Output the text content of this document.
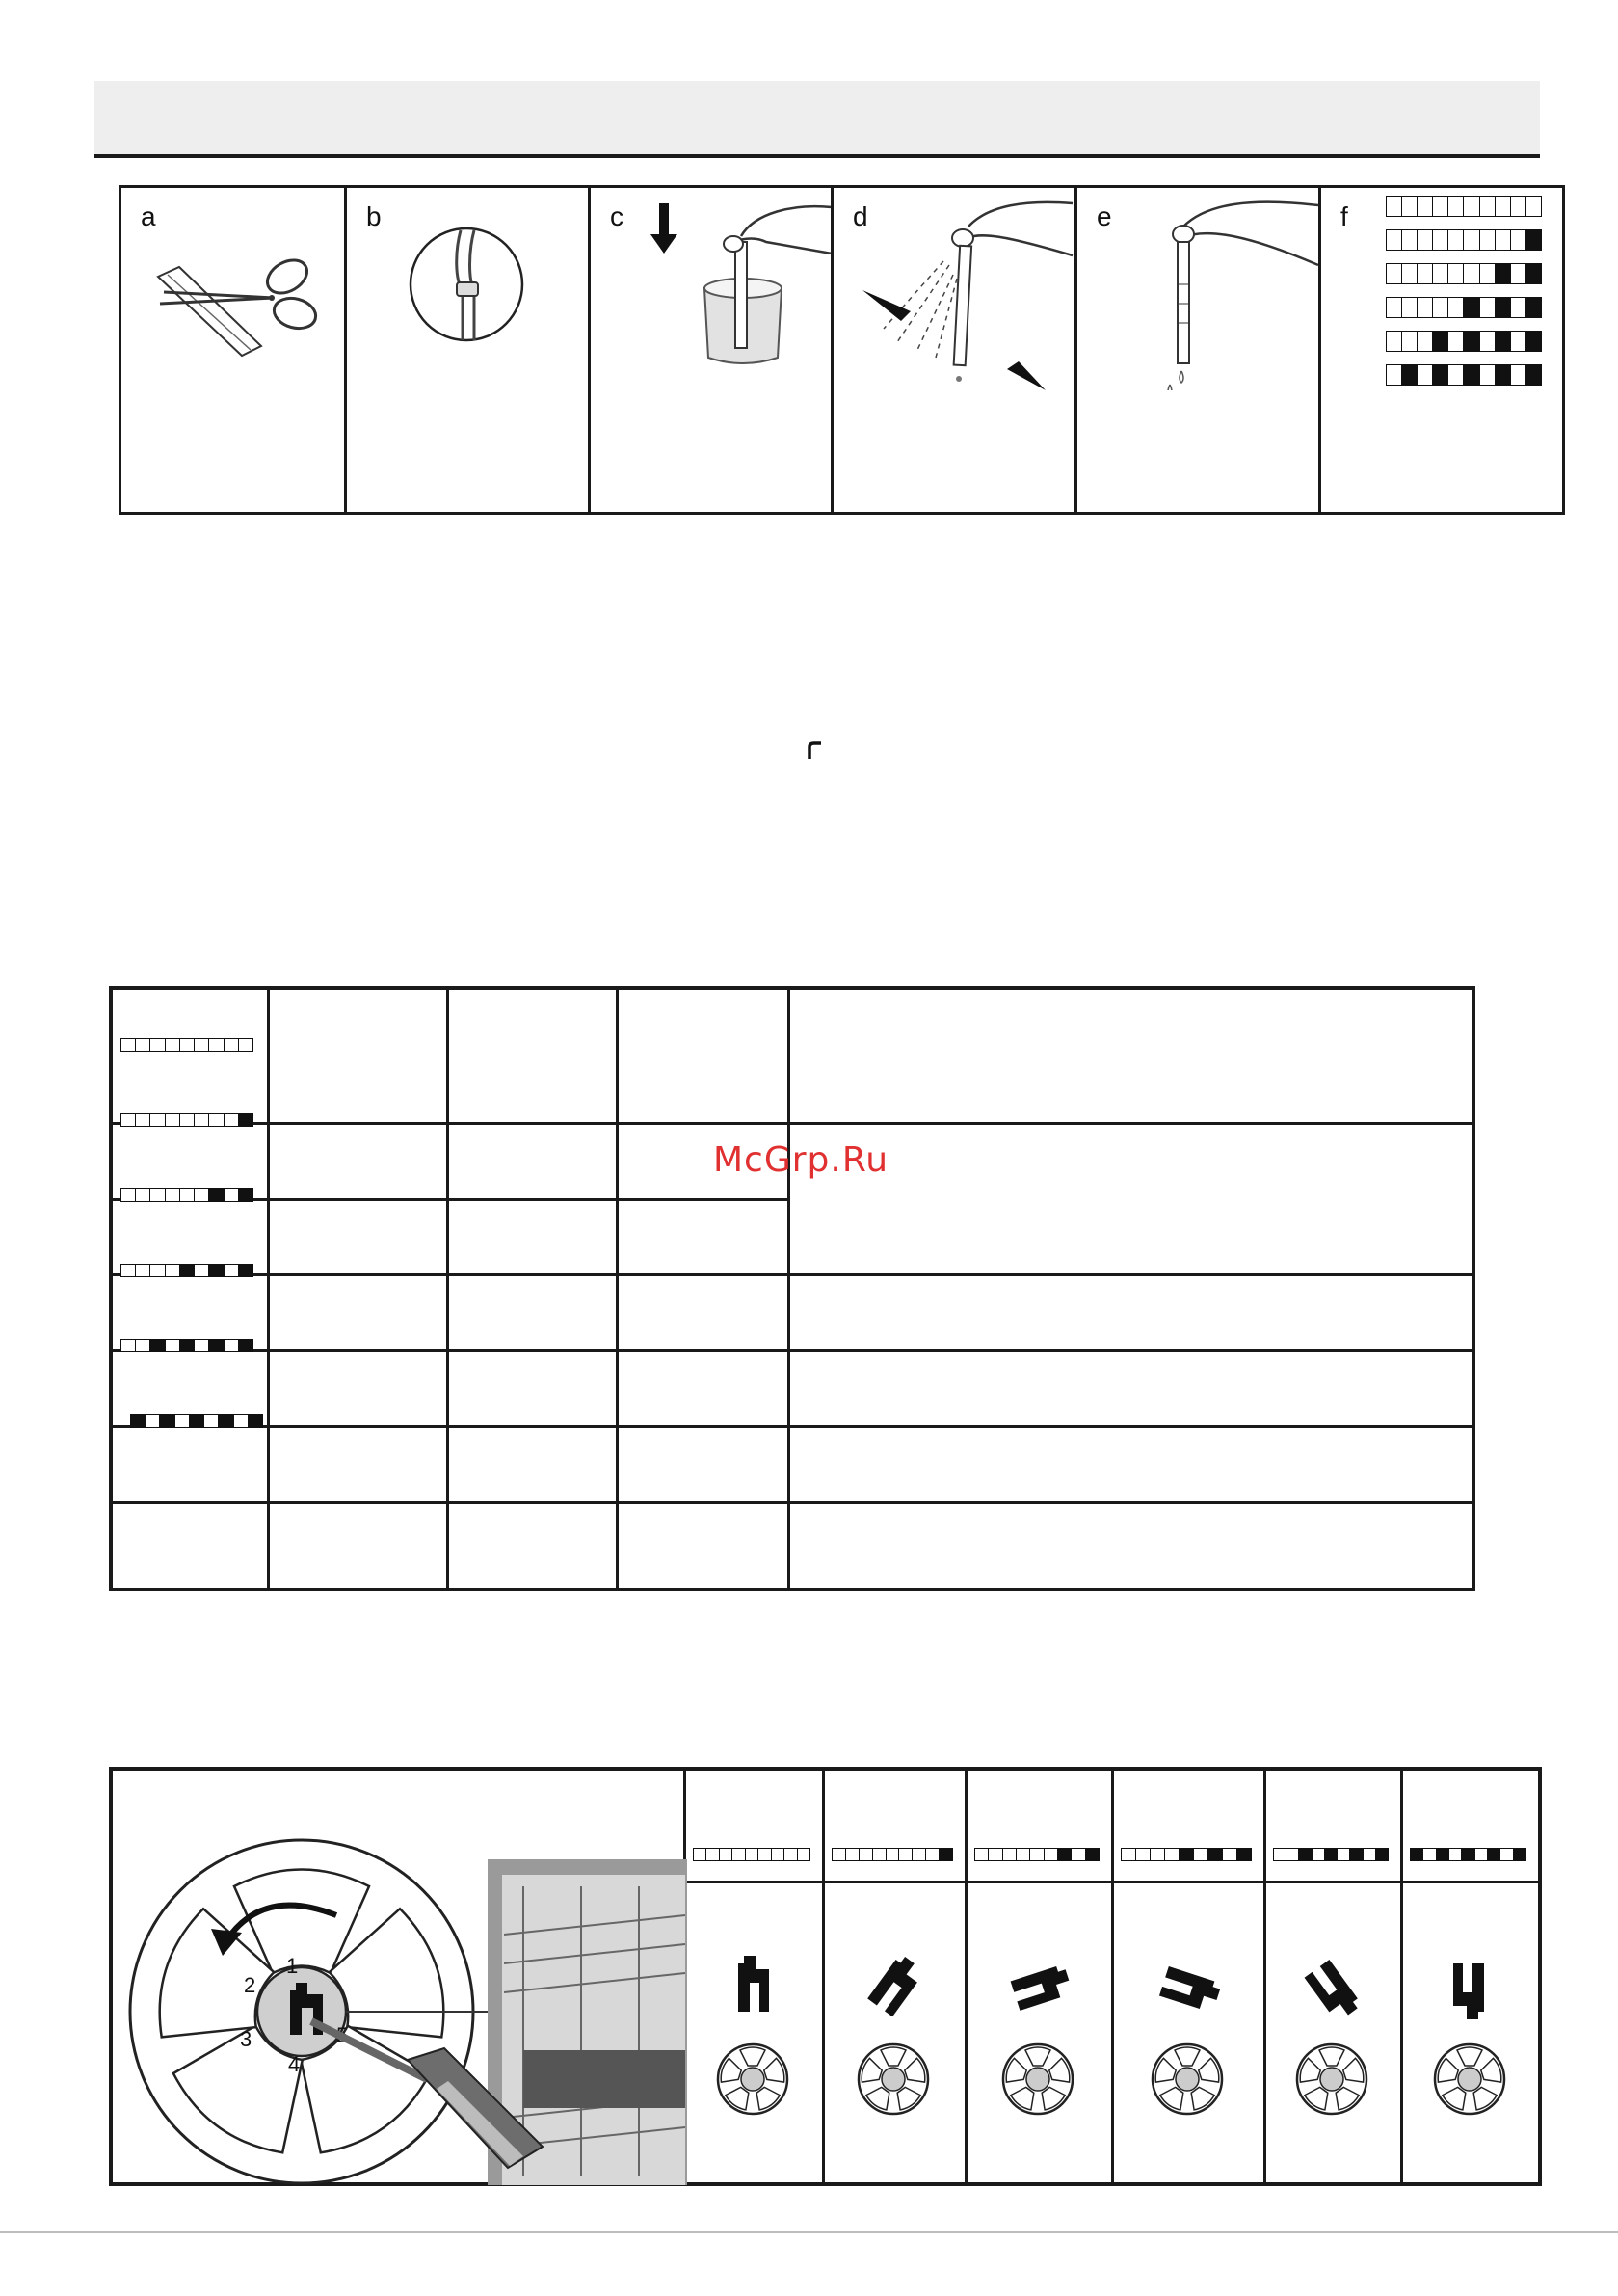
a	b	c	d	e	f
McGrp.Ru
1
2
3
4
